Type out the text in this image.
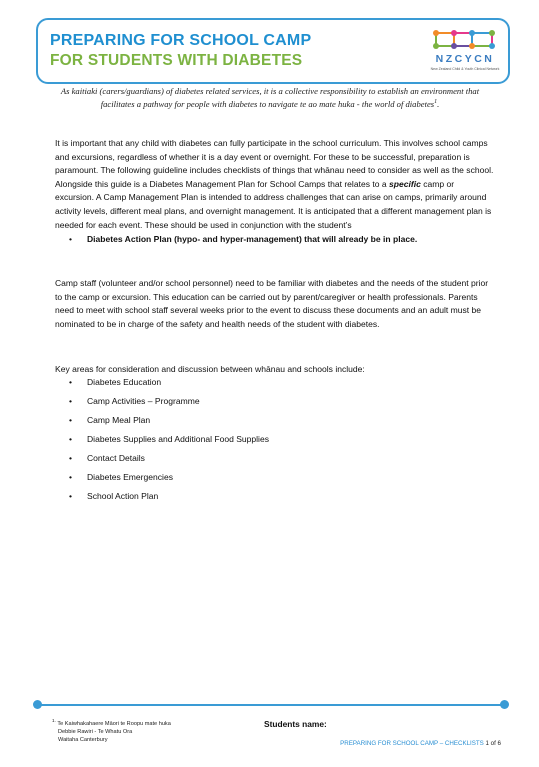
PREPARING FOR SCHOOL CAMP
FOR STUDENTS WITH DIABETES	NZCYCN
New Zealand Child & Youth Clinical Network
As kaitiaki (carers/guardians) of diabetes related services, it is a collective responsibility to establish an environment that facilitates a pathway for people with diabetes to navigate te ao mate huka - the world of diabetes$^1$.
It is important that any child with diabetes can fully participate in the school curriculum. This involves school camps and excursions, regardless of whether it is a day event or overnight. For these to be successful, preparation is paramount. The following guideline includes checklists of things that whānau need to consider as well as the school. Alongside this guide is a Diabetes Management Plan for School Camps that relates to a specific camp or excursion. A Camp Management Plan is intended to address challenges that can arise on camps, primarily around activity levels, different meal plans, and overnight management. It is anticipated that a different management plan is needed for each event. These should be used in conjunction with the student’s
•	Diabetes Action Plan (hypo- and hyper-management) that will already be in place.
Camp staff (volunteer and/or school personnel) need to be familiar with diabetes and the needs of the student prior to the camp or excursion. This education can be carried out by parent/caregiver or health professionals. Parents need to meet with school staff several weeks prior to the event to discuss these documents and an adult must be nominated to be in charge of the safety and health needs of the student with diabetes.
Key areas for consideration and discussion between whānau and schools include:
•	Diabetes Education
•	Camp Activities – Programme
•	Camp Meal Plan
•	Diabetes Supplies and Additional Food Supplies
•	Contact Details
•	Diabetes Emergencies
•	School Action Plan
$^{1.}$ Te Kaiwhakahaere Māori te Roopu mate huka
Debbie Rawiri - Te Whatu Ora
Waitaha Canterbury
Students name:
PREPARING FOR SCHOOL CAMP – CHECKLISTS 1 of 6
